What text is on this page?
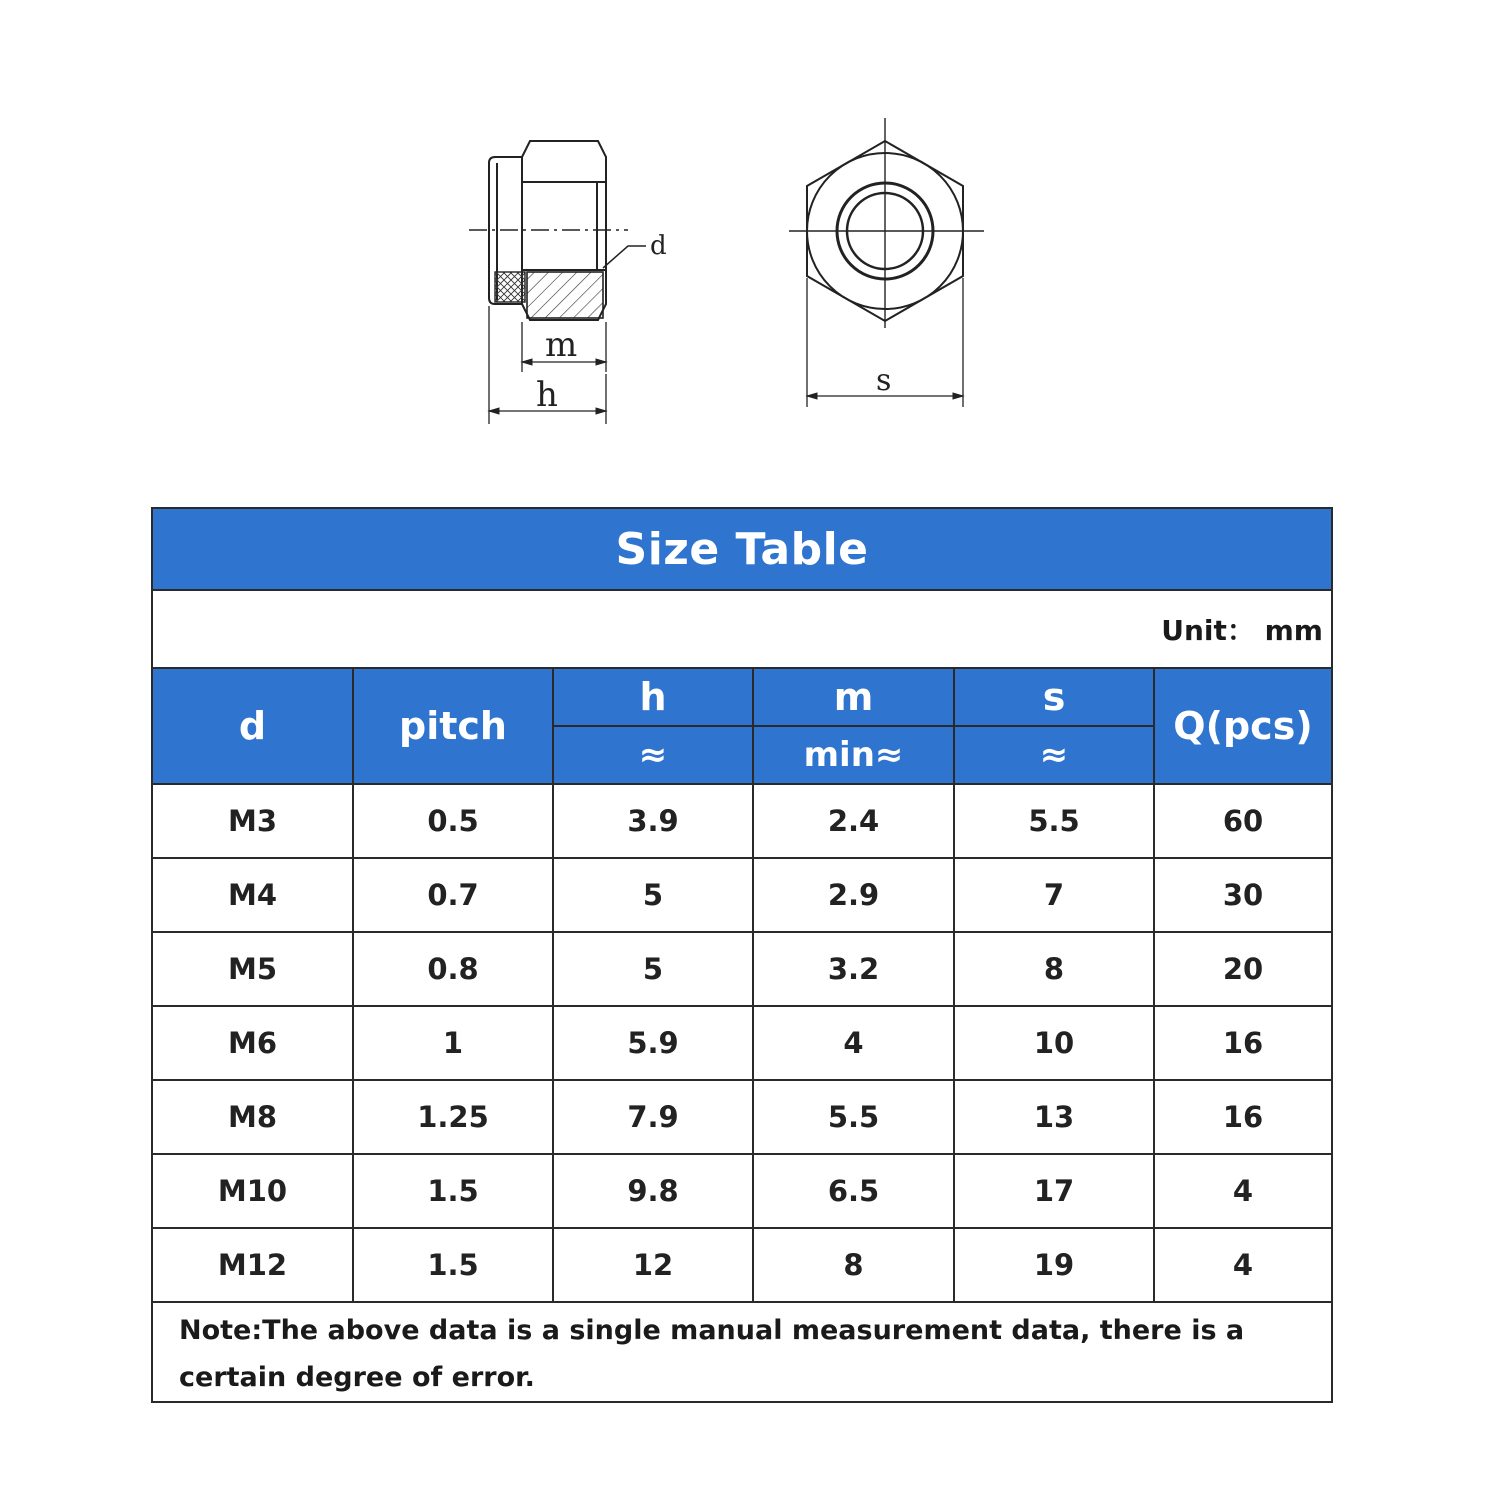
d
m
h	s
Size Table					
Unit： mm					
d	pitch	h	m	s	Q(pcs)
		≈	min≈	≈	
M3	0.5	3.9	2.4	5.5	60
M4	0.7	5	2.9	7	30
M5	0.8	5	3.2	8	20
M6	1	5.9	4	10	16
M8	1.25	7.9	5.5	13	16
M10	1.5	9.8	6.5	17	4
M12	1.5	12	8	19	4
Note:The above data is a single manual measurement data, there is a certain degree of error.					
